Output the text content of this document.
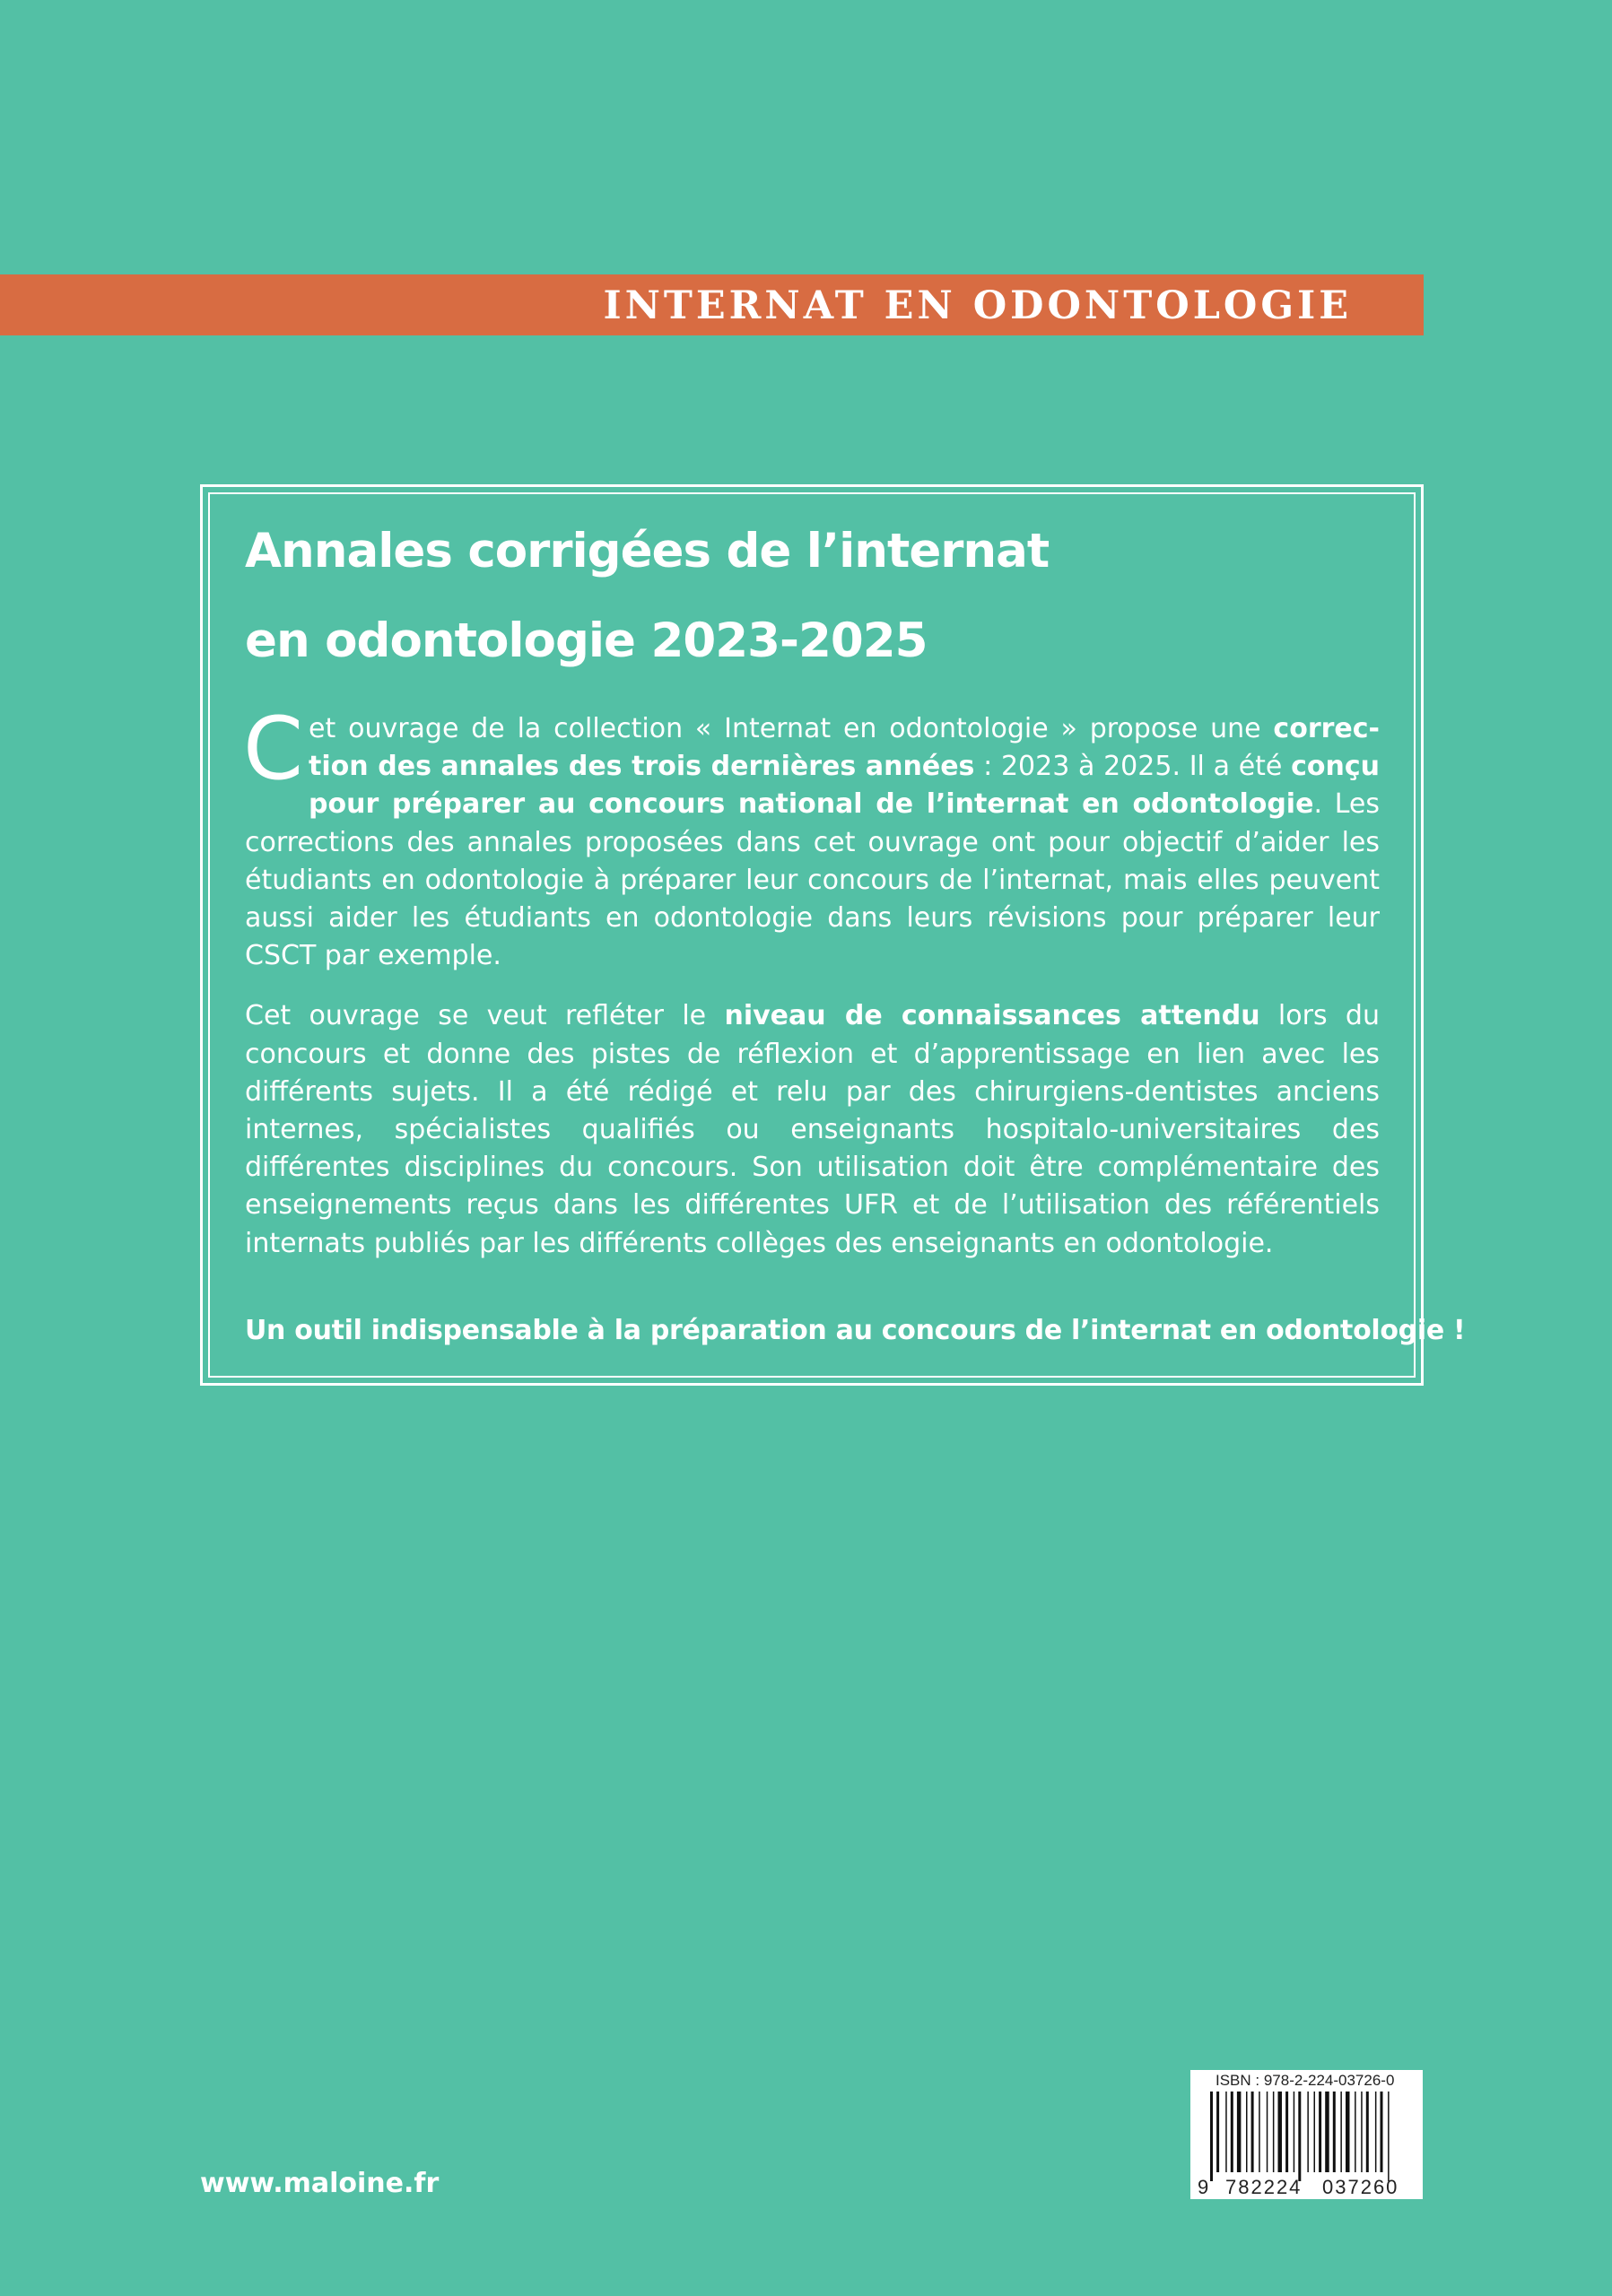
INTERNAT EN ODONTOLOGIE
Annales corrigées de l’internat
en odontologie 2023-2025

Cet ouvrage de la collection « Internat en odontologie » propose une correction des annales des trois dernières années : 2023 à 2025. Il a été conçu pour préparer au concours national de l’internat en odontologie. Les corrections des annales proposées dans cet ouvrage ont pour objectif d’aider les étudiants en odontologie à préparer leur concours de l’internat, mais elles peuvent aussi aider les étudiants en odontologie dans leurs révisions pour préparer leur CSCT par exemple.

Cet ouvrage se veut refléter le niveau de connaissances attendu lors du concours et donne des pistes de réflexion et d’apprentissage en lien avec les différents sujets. Il a été rédigé et relu par des chirurgiens-dentistes anciens internes, spécialistes qualifiés ou enseignants hospitalo-universitaires des différentes disciplines du concours. Son utilisation doit être complémentaire des enseignements reçus dans les différentes UFR et de l’utilisation des référentiels internats publiés par les différents collèges des enseignants en odontologie.

Un outil indispensable à la préparation au concours de l’internat en odontologie !

www.maloine.fr
ISBN : 978-2-224-03726-0
9 782224 037260
